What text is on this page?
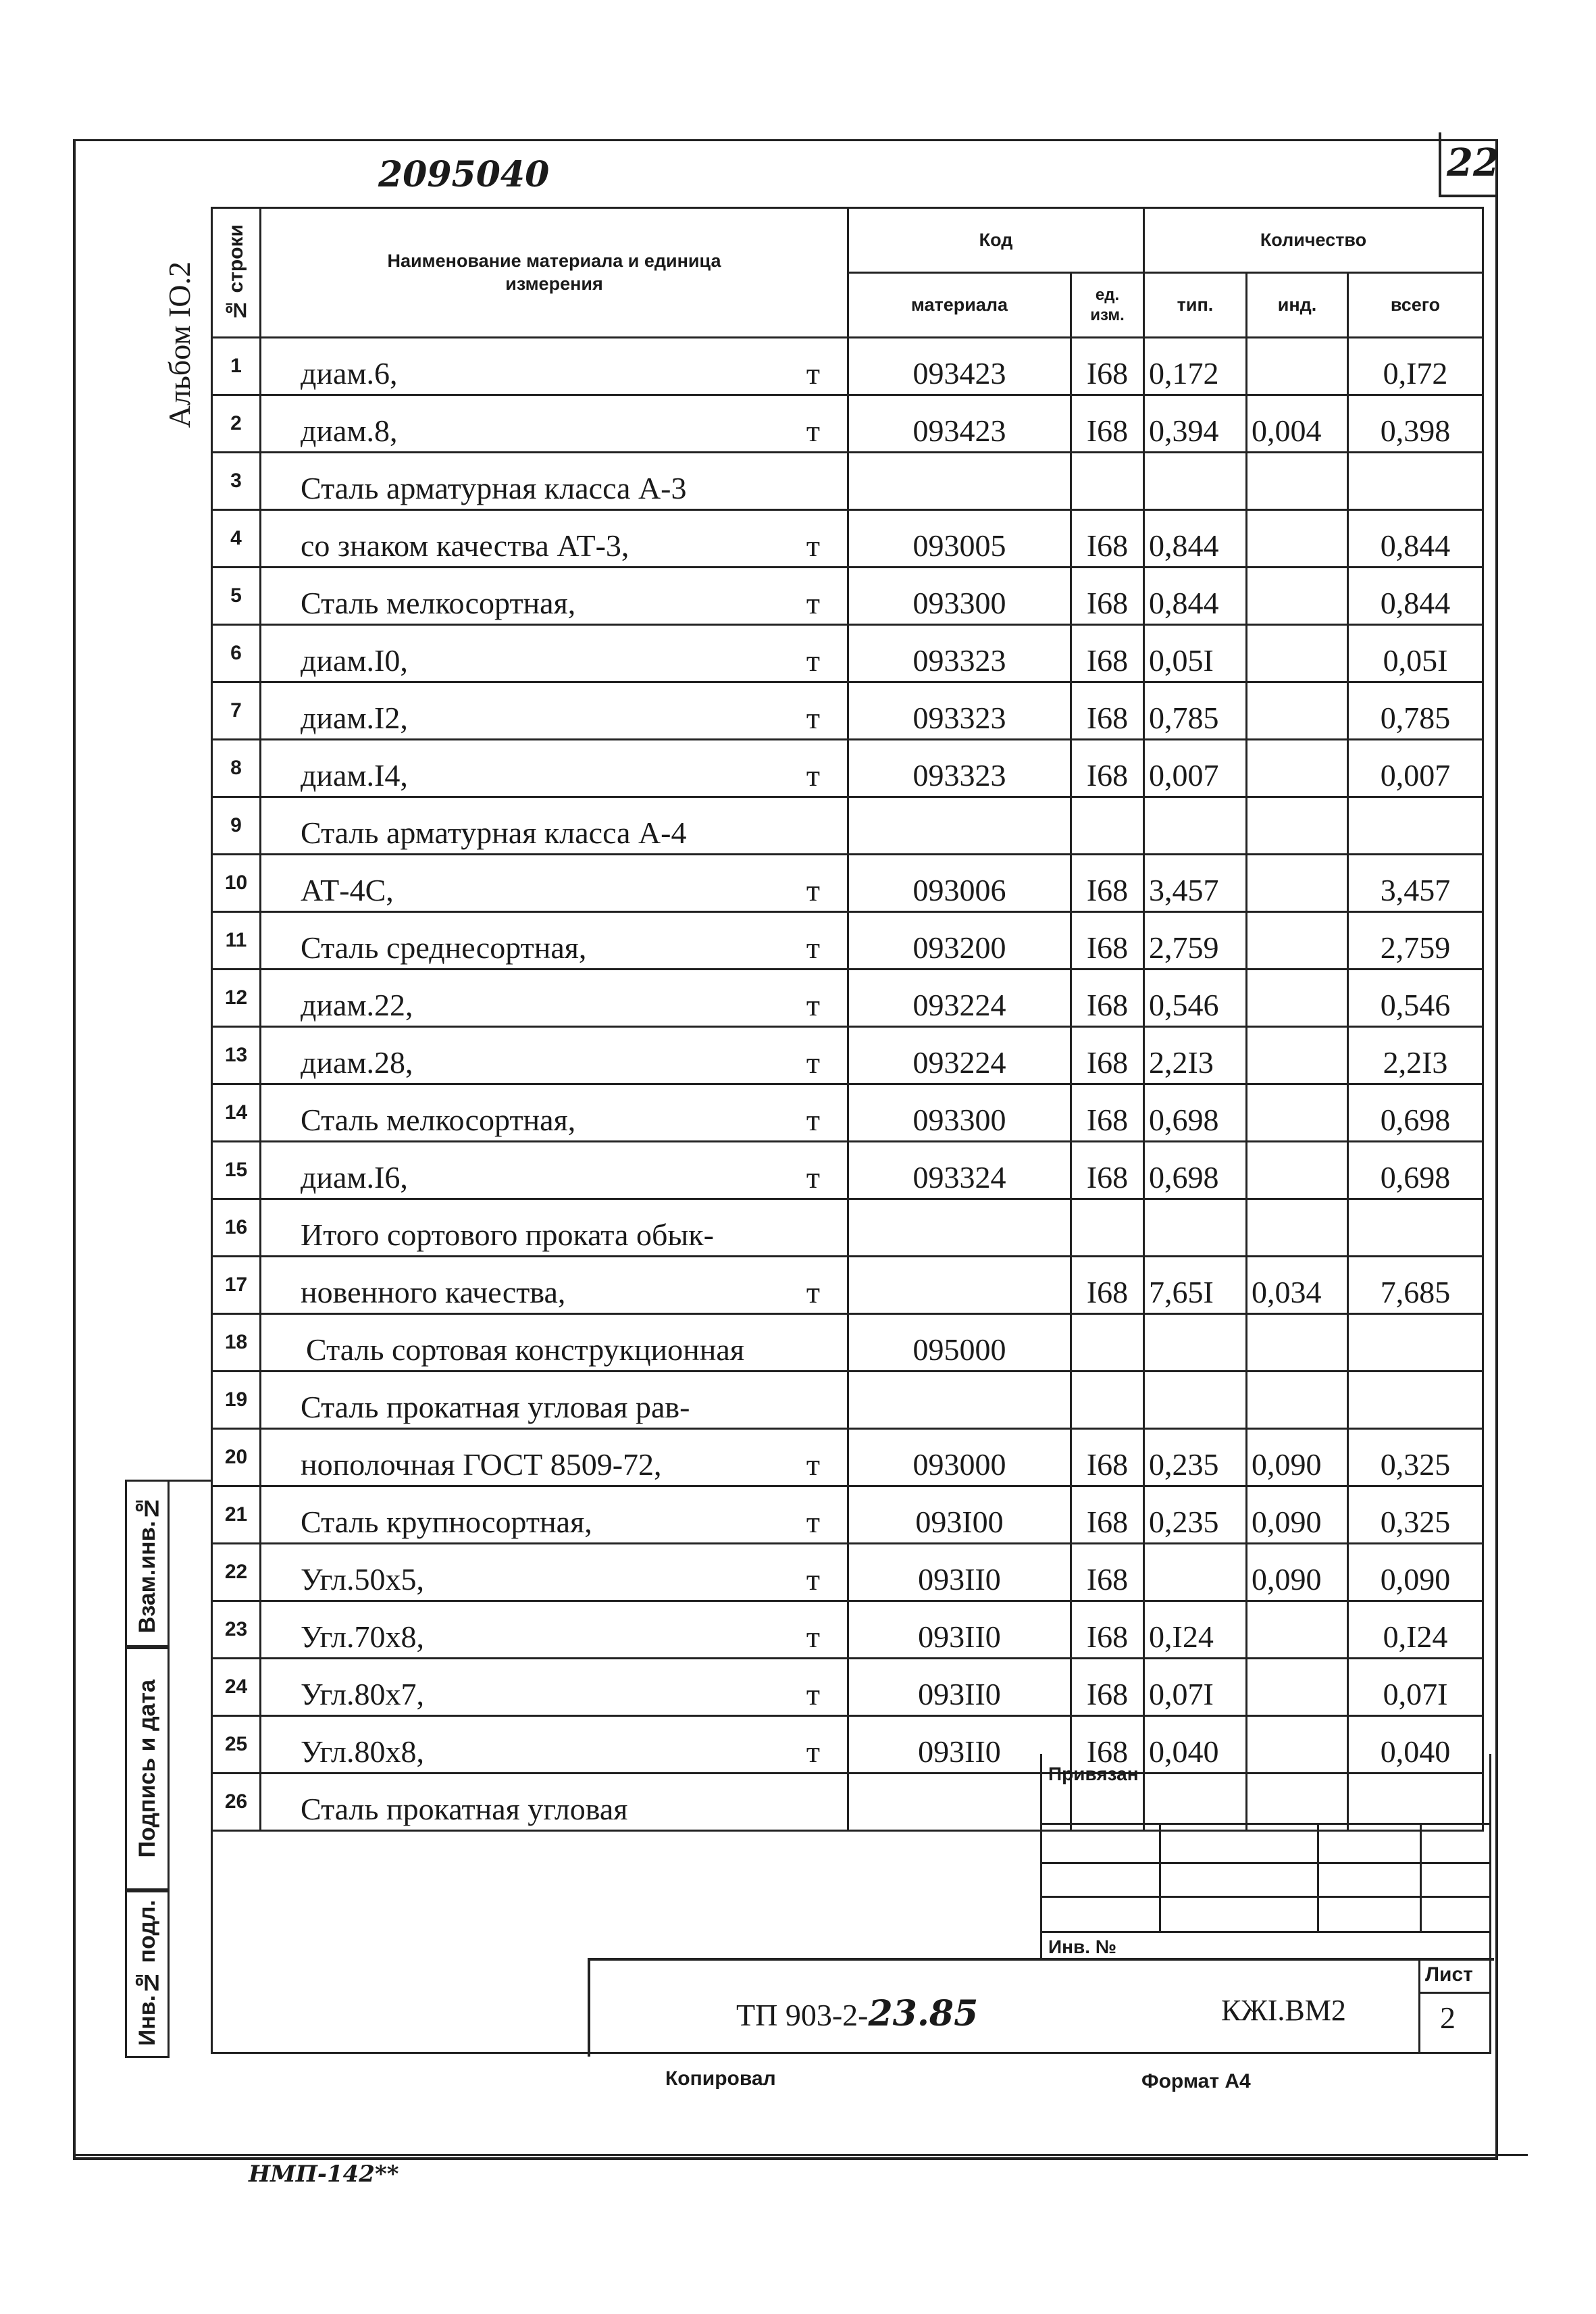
2095040	22
Альбом IO.2 № строки	Наименование материала и единица измерения	Код		Количество		
		материала	ед. изм.	тип.	инд.	всего
1	диам.6, т	093423	I68	0,172		0,I72
2	диам.8, т	093423	I68	0,394	0,004	0,398
3	Сталь арматурная класса А-3					

4	со знаком качества АТ-3, т	093005	I68	0,844		0,844
5	Сталь мелкосортная, т	093300	I68	0,844		0,844
6	диам.I0, т	093323	I68	0,05I		0,05I
7	диам.I2, т	093323	I68	0,785		0,785
8	диам.I4, т	093323	I68	0,007		0,007
9	Сталь арматурная класса А-4					

10	АТ-4С, т	093006	I68	3,457		3,457
11	Сталь среднесортная, т	093200	I68	2,759		2,759
12	диам.22, т	093224	I68	0,546		0,546
13	диам.28, т	093224	I68	2,2I3		2,2I3
14	Сталь мелкосортная, т	093300	I68	0,698		0,698
15	диам.I6, т	093324	I68	0,698		0,698
16	Итого сортового проката обык-					

17	новенного качества, т		I68	7,65I	0,034	7,685
18	Сталь сортовая конструкционная	095000				
19	Сталь прокатная угловая рав-					

20	нополочная ГОСТ 8509-72, т	093000	I68	0,235	0,090	0,325
21	Сталь крупносортная, т	093I00	I68	0,235	0,090	0,325
22	Угл.50х5, т	093II0	I68		0,090	0,090
23	Угл.70х8, т	093II0	I68	0,I24		0,I24
24	Угл.80х7, т	093II0	I68	0,07I		0,07I
25	Угл.80х8, т	093II0	I68	0,040		0,040
26	Сталь прокатная угловая					

Взам.инв.№
Подпись и дата
Инв.№ подл.
Привязан
Инв. №
ТП 903-2-23.85	КЖI.ВМ2
Лист
2
Копировал	Формат А4
НМП-142**
